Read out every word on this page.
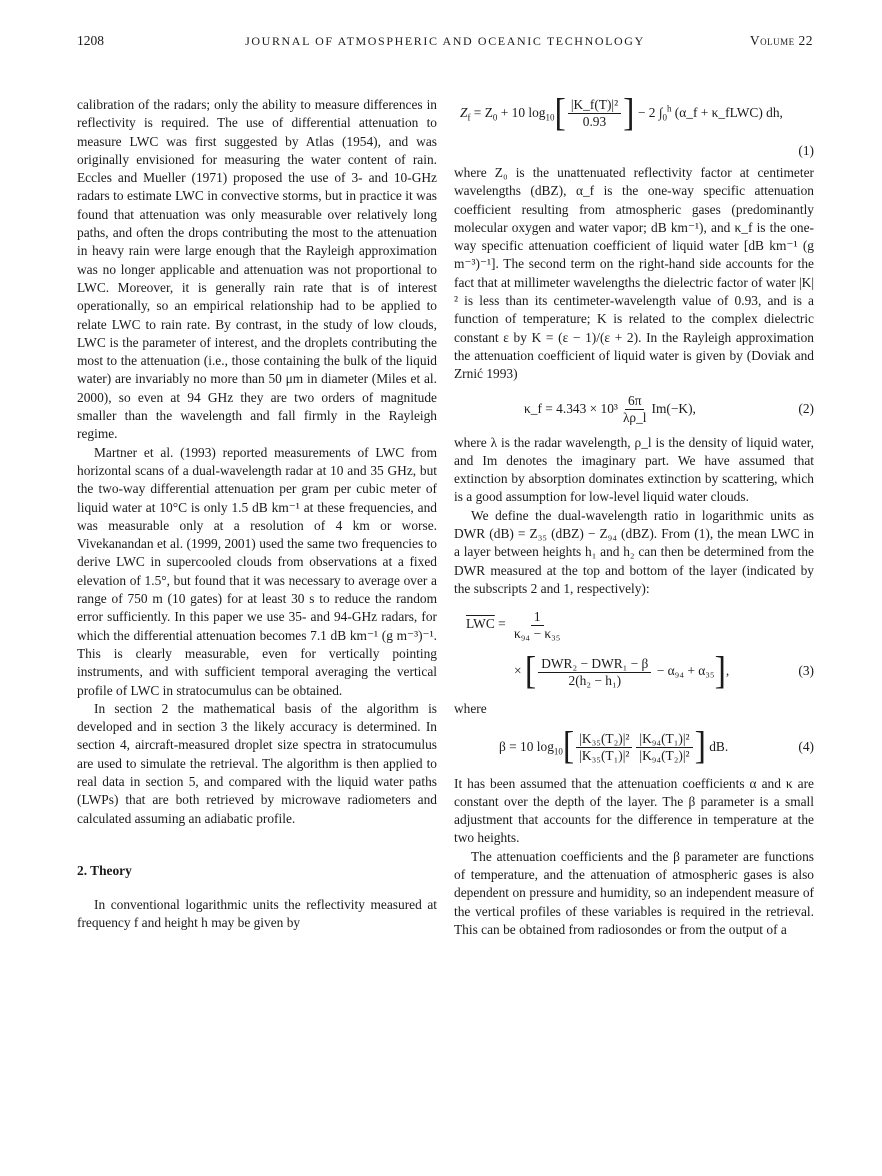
1208	JOURNAL OF ATMOSPHERIC AND OCEANIC TECHNOLOGY	Volume 22

calibration of the radars; only the ability to measure differences in reflectivity is required. The use of differential attenuation to measure LWC was first suggested by Atlas (1954), and was originally envisioned for measuring the water content of rain. Eccles and Mueller (1971) proposed the use of 3- and 10-GHz radars to estimate LWC in convective storms, but in practice it was found that attenuation was only measurable over relatively long paths, and often the drops contributing the most to the attenuation in heavy rain were large enough that the Rayleigh approximation was no longer applicable and attenuation was not proportional to LWC. Moreover, it is generally rain rate that is of interest operationally, so an empirical relationship had to be applied to relate LWC to rain rate. By contrast, in the study of low clouds, LWC is the parameter of interest, and the droplets contributing the most to the attenuation (i.e., those containing the bulk of the liquid water) are invariably no more than 50 μm in diameter (Miles et al. 2000), so even at 94 GHz they are two orders of magnitude smaller than the wavelength and fall firmly in the Rayleigh regime.

Martner et al. (1993) reported measurements of LWC from horizontal scans of a dual-wavelength radar at 10 and 35 GHz, but the two-way differential attenuation per gram per cubic meter of liquid water at 10°C is only 1.5 dB km⁻¹ at these frequencies, and was measurable only at a resolution of 4 km or worse. Vivekanandan et al. (1999, 2001) used the same two frequencies to derive LWC in supercooled clouds from observations at a fixed elevation of 1.5°, but found that it was necessary to average over a range of 750 m (10 gates) for at least 30 s to reduce the random error sufficiently. In this paper we use 35- and 94-GHz radars, for which the differential attenuation becomes 7.1 dB km⁻¹ (g m⁻³)⁻¹. This is clearly measurable, even for vertically pointing instruments, and with sufficient temporal averaging the vertical profile of LWC in stratocumulus can be obtained.

In section 2 the mathematical basis of the algorithm is developed and in section 3 the likely accuracy is determined. In section 4, aircraft-measured droplet size spectra in stratocumulus are used to simulate the retrieval. The algorithm is then applied to real data in section 5, and compared with the liquid water paths (LWPs) that are both retrieved by microwave radiometers and calculated assuming an adiabatic profile.

2. Theory

In conventional logarithmic units the reflectivity measured at frequency f and height h may be given by

$Z_f = Z_0 + 10$ $\log_{10}[ \frac{\text{|K\_f(T)|²}}{0.93}$ ] − 2 $\int_0^h$ (α_f + κ_fLWC) dh,
(1)

where Z₀ is the unattenuated reflectivity factor at centimeter wavelengths (dBZ), α_f is the one-way specific attenuation coefficient resulting from atmospheric gases (predominantly molecular oxygen and water vapor; dB km⁻¹), and κ_f is the one-way specific attenuation coefficient of liquid water [dB km⁻¹ (g m⁻³)⁻¹]. The second term on the right-hand side accounts for the fact that at millimeter wavelengths the dielectric factor of water |K|² is less than its centimeter-wavelength value of 0.93, and is a function of temperature; K is related to the complex dielectric constant ε by K = (ε − 1)/(ε + 2). In the Rayleigh approximation the attenuation coefficient of liquid water is given by (Doviak and Zrnić 1993)

κ_f = $4.343 \times 10^3 \frac{6\pi}{\lambda\rho\_l} Im(-K)$,	(2)

where λ is the radar wavelength, ρ_l is the density of liquid water, and Im denotes the imaginary part. We have assumed that extinction by absorption dominates extinction by scattering, which is a good assumption for low-level liquid water clouds.

We define the dual-wavelength ratio in logarithmic units as DWR (dB) = Z₃₅ (dBZ) − Z₉₄ (dBZ). From (1), the mean LWC in a layer between heights h₁ and h₂ can then be determined from the DWR measured at the top and bottom of the layer (indicated by the subscripts 2 and 1, respectively):

$\overline{LWC} = \frac{1}{\text{κ₉₄ − κ₃₅}}$
× [ $\frac{\text{DWR₂ − DWR₁ − β}}{\text{2(h₂ − h₁)}} - \alpha_{94} + \alpha_{35}$],	(3)

where

β = 10 $\log_{10}[ \frac{\text{|K₃₅(T₂)|²}}{\text{|K₃₅(T₁)|²}} \frac{\text{|K₉₄(T₁)|²}}{\text{|K₉₄(T₂)|²}}$ ] dB.	(4)

It has been assumed that the attenuation coefficients α and κ are constant over the depth of the layer. The β parameter is a small adjustment that accounts for the difference in temperature at the two heights.

The attenuation coefficients and the β parameter are functions of temperature, and the attenuation of atmospheric gases is also dependent on pressure and humidity, so an independent measure of the vertical profiles of these variables is required in the retrieval. This can be obtained from radiosondes or from the output of a
